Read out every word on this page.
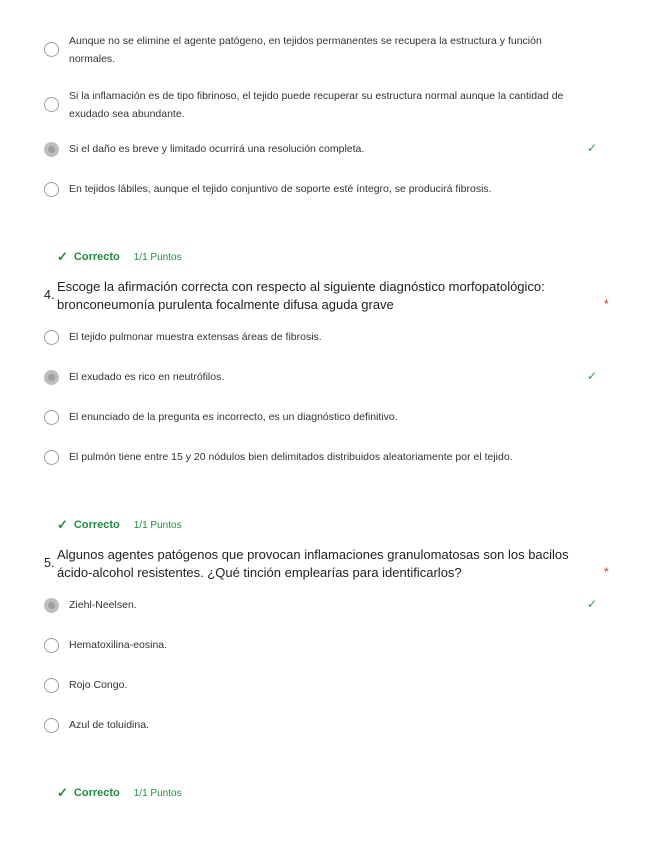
Aunque no se elimine el agente patógeno, en tejidos permanentes se recupera la estructura y función
normales.
Si la inflamación es de tipo fibrinoso, el tejido puede recuperar su estructura normal aunque la cantidad de
exudado sea abundante.
Si el daño es breve y limitado ocurrirá una resolución completa.	✓
En tejidos lábiles, aunque el tejido conjuntivo de soporte esté íntegro, se producirá fibrosis.
✓ Correcto 1/1 Puntos
4.
Escoge la afirmación correcta con respecto al siguiente diagnóstico morfopatológico:
bronconeumonía purulenta focalmente difusa aguda grave	*
El tejido pulmonar muestra extensas áreas de fibrosis.
El exudado es rico en neutrófilos.	✓
El enunciado de la pregunta es incorrecto, es un diagnóstico definitivo.
El pulmón tiene entre 15 y 20 nódulos bien delimitados distribuidos aleatoriamente por el tejido.
✓ Correcto 1/1 Puntos
5.
Algunos agentes patógenos que provocan inflamaciones granulomatosas son los bacilos
ácido-alcohol resistentes. ¿Qué tinción emplearías para identificarlos?	*
Ziehl-Neelsen.	✓
Hematoxilina-eosina.
Rojo Congo.
Azul de toluidina.
✓ Correcto 1/1 Puntos
